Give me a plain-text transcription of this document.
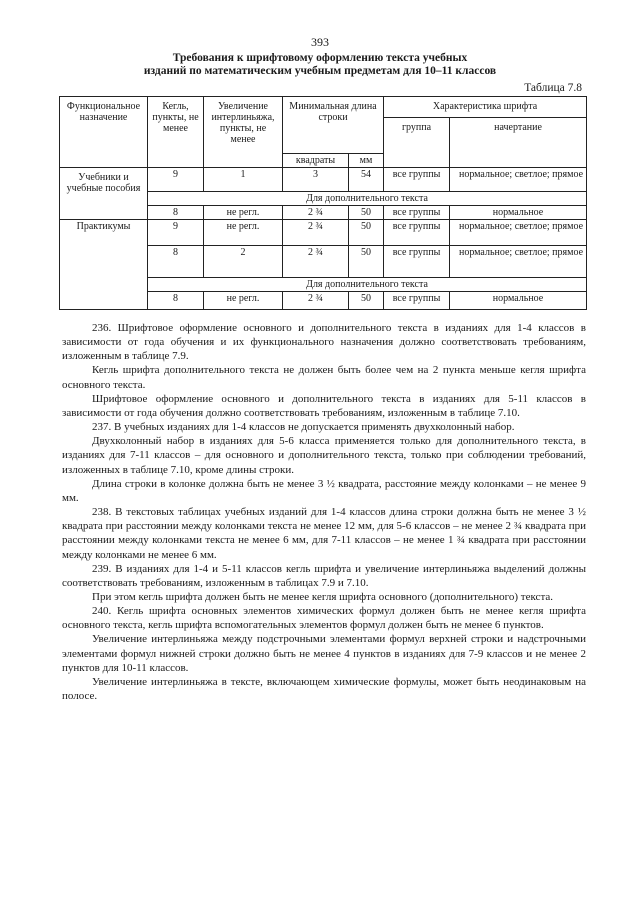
393
Требования к шрифтовому оформлению текста учебных
изданий по математическим учебным предметам для 10–11 классов
Таблица 7.8
Функциональное назначение	Кегль, пункты, не менее	Увеличение интерлиньяжа, пункты, не менее	Минимальная длина строки		Характеристика шрифта	
					группа	начертание
			квадраты	мм		
Учебники и учебные пособия	9	1	3	54	все группы	нормальное; светлое; прямое
	Для дополнительного текста					
	8	не регл.	2 ¾	50	все группы	нормальное
Практикумы	9	не регл.	2 ¾	50	все группы	нормальное; светлое; прямое
	8	2	2 ¾	50	все группы	нормальное; светлое; прямое
	Для дополнительного текста					
	8	не регл.	2 ¾	50	все группы	нормальное

236. Шрифтовое оформление основного и дополнительного текста в изданиях для 1-4 классов в зависимости от года обучения и их функционального назначения должно соответствовать требованиям, изложенным в таблице 7.9.

Кегль шрифта дополнительного текста не должен быть более чем на 2 пункта меньше кегля шрифта основного текста.

Шрифтовое оформление основного и дополнительного текста в изданиях для 5-11 классов в зависимости от года обучения должно соответствовать требованиям, изложенным в таблице 7.10.

237. В учебных изданиях для 1-4 классов не допускается применять двухколонный набор.

Двухколонный набор в изданиях для 5-6 класса применяется только для дополнительного текста, в изданиях для 7-11 классов – для основного и дополнительного текста, только при соблюдении требований, изложенных в таблице 7.10, кроме длины строки.

Длина строки в колонке должна быть не менее 3 ½ квадрата, расстояние между колонками – не менее 9 мм.

238. В текстовых таблицах учебных изданий для 1-4 классов длина строки должна быть не менее 3 ½ квадрата при расстоянии между колонками текста не менее 12 мм, для 5-6 классов – не менее 2 ¾ квадрата при расстоянии между колонками текста не менее 6 мм, для 7-11 классов – не менее 1 ¾ квадрата при расстоянии между колонками не менее 6 мм.

239. В изданиях для 1-4 и 5-11 классов кегль шрифта и увеличение интерлиньяжа выделений должны соответствовать требованиям, изложенным в таблицах 7.9 и 7.10.

При этом кегль шрифта должен быть не менее кегля шрифта основного (дополнительного) текста.

240. Кегль шрифта основных элементов химических формул должен быть не менее кегля шрифта основного текста, кегль шрифта вспомогательных элементов формул должен быть не менее 6 пунктов.

Увеличение интерлиньяжа между подстрочными элементами формул верхней строки и надстрочными элементами формул нижней строки должно быть не менее 4 пунктов в изданиях для 7-9 классов и не менее 2 пунктов для 10-11 классов.

Увеличение интерлиньяжа в тексте, включающем химические формулы, может быть неодинаковым на полосе.
